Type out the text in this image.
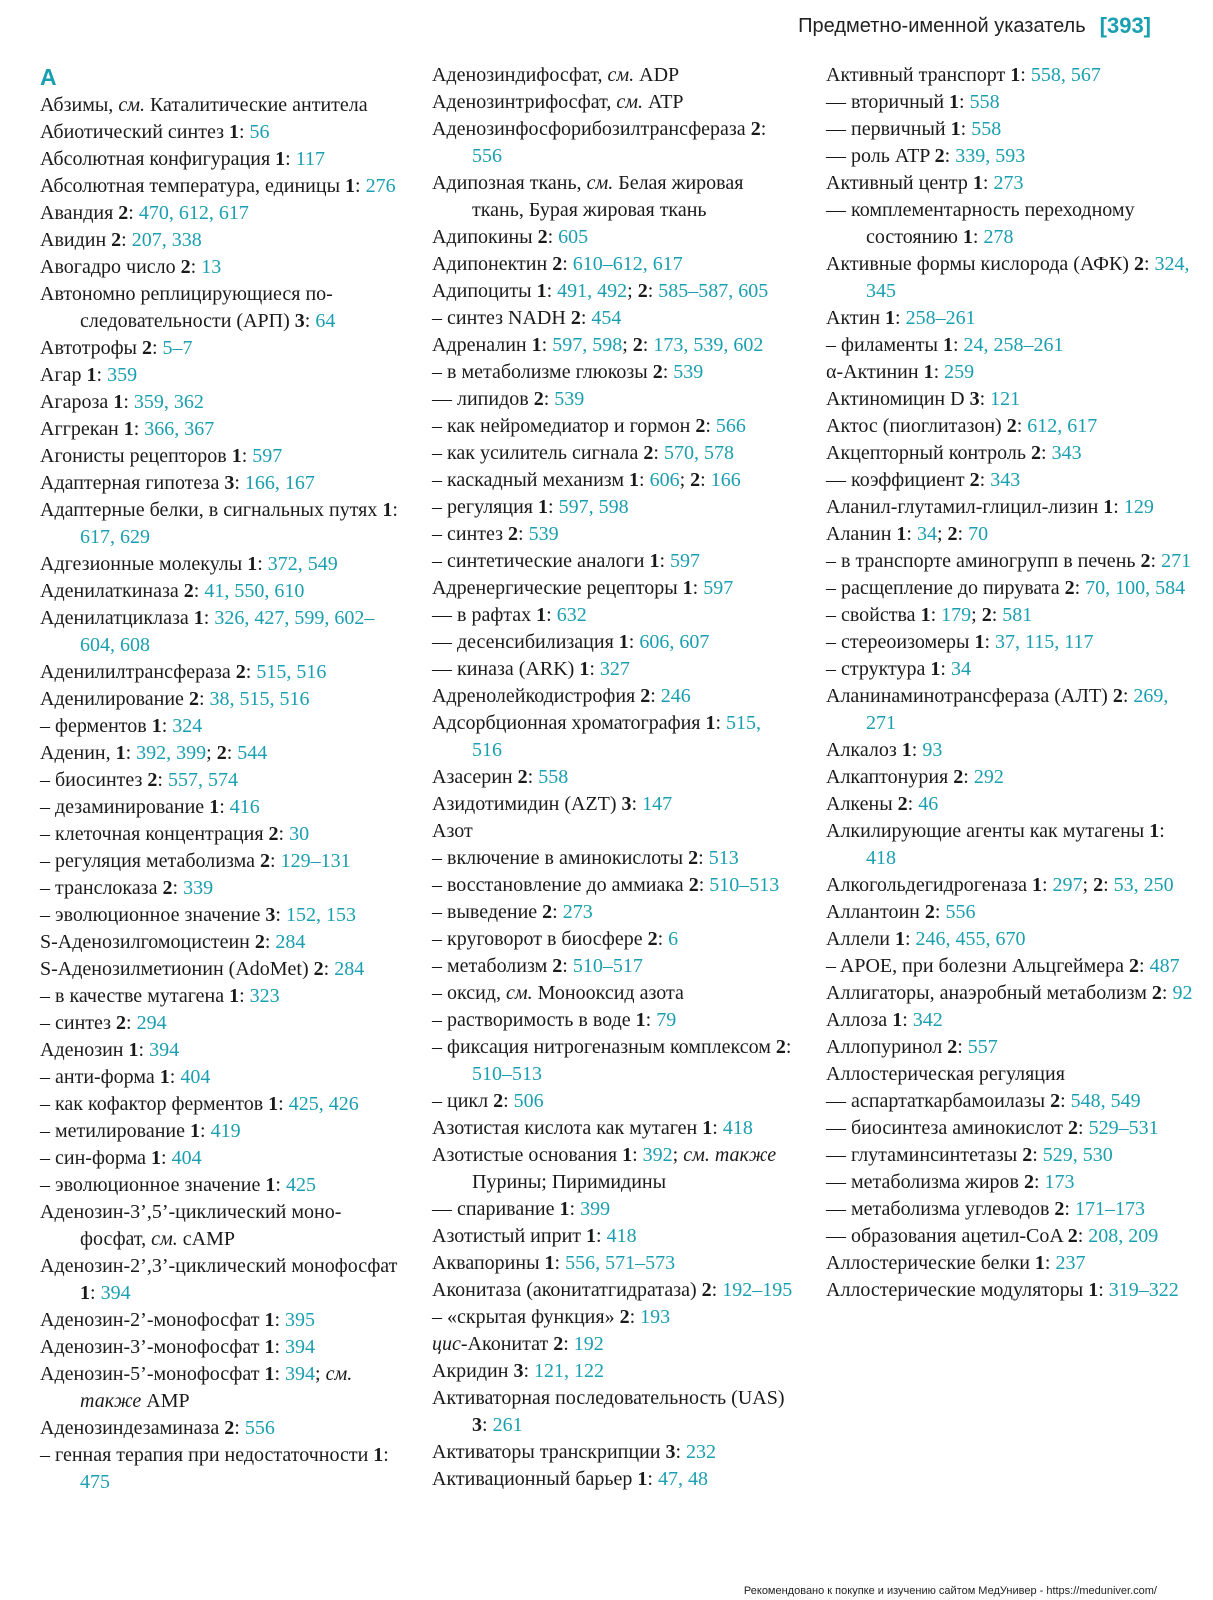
Предметно-именной указатель [393]
А
Абзимы, см. Каталитические антитела
Абиотический синтез 1: 56
Абсолютная конфигурация 1: 117
Абсолютная температура, единицы 1: 276
Авандия 2: 470, 612, 617
Авидин 2: 207, 338
Авогадро число 2: 13
Автономно реплицирующиеся последовательности (АРП) 3: 64
Автотрофы 2: 5–7
Агар 1: 359
Агароза 1: 359, 362
Аггрекан 1: 366, 367
Агонисты рецепторов 1: 597
Адаптерная гипотеза 3: 166, 167
Адаптерные белки, в сигнальных путях 1: 617, 629
Адгезионные молекулы 1: 372, 549
Аденилаткиназа 2: 41, 550, 610
Аденилатциклаза 1: 326, 427, 599, 602–604, 608
Аденилилтрансфераза 2: 515, 516
Аденилирование 2: 38, 515, 516
– ферментов 1: 324
Аденин, 1: 392, 399; 2: 544
– биосинтез 2: 557, 574
– дезаминирование 1: 416
– клеточная концентрация 2: 30
– регуляция метаболизма 2: 129–131
– транслоказа 2: 339
– эволюционное значение 3: 152, 153
S-Аденозилгомоцистеин 2: 284
S-Аденозилметионин (AdoMet) 2: 284
– в качестве мутагена 1: 323
– синтез 2: 294
Аденозин 1: 394
– анти-форма 1: 404
– как кофактор ферментов 1: 425, 426
– метилирование 1: 419
– син-форма 1: 404
– эволюционное значение 1: 425
Аденозин-3’,5’-циклический монофосфат, см. cAMP
Аденозин-2’,3’-циклический монофосфат 1: 394
Аденозин-2’-монофосфат 1: 395
Аденозин-3’-монофосфат 1: 394
Аденозин-5’-монофосфат 1: 394; см. также AMP
Аденозиндезаминаза 2: 556
– генная терапия при недостаточности 1: 475
Аденозиндифосфат, см. ADP
Аденозинтрифосфат, см. ATP
Аденозинфосфорибозилтрансфераза 2: 556
Адипозная ткань, см. Белая жировая ткань, Бурая жировая ткань
Адипокины 2: 605
Адипонектин 2: 610–612, 617
Адипоциты 1: 491, 492; 2: 585–587, 605
– синтез NADH 2: 454
Адреналин 1: 597, 598; 2: 173, 539, 602
– в метаболизме глюкозы 2: 539
–– липидов 2: 539
– как нейромедиатор и гормон 2: 566
– как усилитель сигнала 2: 570, 578
– каскадный механизм 1: 606; 2: 166
– регуляция 1: 597, 598
– синтез 2: 539
– синтетические аналоги 1: 597
Адренергические рецепторы 1: 597
–– в рафтах 1: 632
–– десенсибилизация 1: 606, 607
–– киназа (ARK) 1: 327
Адренолейкодистрофия 2: 246
Адсорбционная хроматография 1: 515, 516
Азасерин 2: 558
Азидотимидин (AZT) 3: 147
Азот
– включение в аминокислоты 2: 513
– восстановление до аммиака 2: 510–513
– выведение 2: 273
– круговорот в биосфере 2: 6
– метаболизм 2: 510–517
– оксид, см. Монооксид азота
– растворимость в воде 1: 79
– фиксация нитрогеназным комплексом 2: 510–513
– цикл 2: 506
Азотистая кислота как мутаген 1: 418
Азотистые основания 1: 392; см. также Пурины; Пиримидины
–– спаривание 1: 399
Азотистый иприт 1: 418
Аквапорины 1: 556, 571–573
Аконитаза (аконитатгидратаза) 2: 192–195
– «скрытая функция» 2: 193
цис-Аконитат 2: 192
Акридин 3: 121, 122
Активаторная последовательность (UAS) 3: 261
Активаторы транскрипции 3: 232
Активационный барьер 1: 47, 48
Активный транспорт 1: 558, 567
–– вторичный 1: 558
–– первичный 1: 558
–– роль ATP 2: 339, 593
Активный центр 1: 273
–– комплементарность переходному состоянию 1: 278
Активные формы кислорода (АФК) 2: 324, 345
Актин 1: 258–261
– филаменты 1: 24, 258–261
α-Актинин 1: 259
Актиномицин D 3: 121
Актос (пиоглитазон) 2: 612, 617
Акцепторный контроль 2: 343
–– коэффициент 2: 343
Аланил-глутамил-глицил-лизин 1: 129
Аланин 1: 34; 2: 70
– в транспорте аминогрупп в печень 2: 271
– расщепление до пирувата 2: 70, 100, 584
– свойства 1: 179; 2: 581
– стереоизомеры 1: 37, 115, 117
– структура 1: 34
Аланинаминотрансфераза (АЛТ) 2: 269, 271
Алкалоз 1: 93
Алкаптонурия 2: 292
Алкены 2: 46
Алкилирующие агенты как мутагены 1: 418
Алкогольдегидрогеназа 1: 297; 2: 53, 250
Аллантоин 2: 556
Аллели 1: 246, 455, 670
– APOE, при болезни Альцгеймера 2: 487
Аллигаторы, анаэробный метаболизм 2: 92
Аллоза 1: 342
Аллопуринол 2: 557
Аллостерическая регуляция
–– аспартаткарбамоилазы 2: 548, 549
–– биосинтеза аминокислот 2: 529–531
–– глутаминсинтетазы 2: 529, 530
–– метаболизма жиров 2: 173
–– метаболизма углеводов 2: 171–173
–– образования ацетил-CoA 2: 208, 209
Аллостерические белки 1: 237
Аллостерические модуляторы 1: 319–322
Рекомендовано к покупке и изучению сайтом МедУнивер - https://meduniver.com/
